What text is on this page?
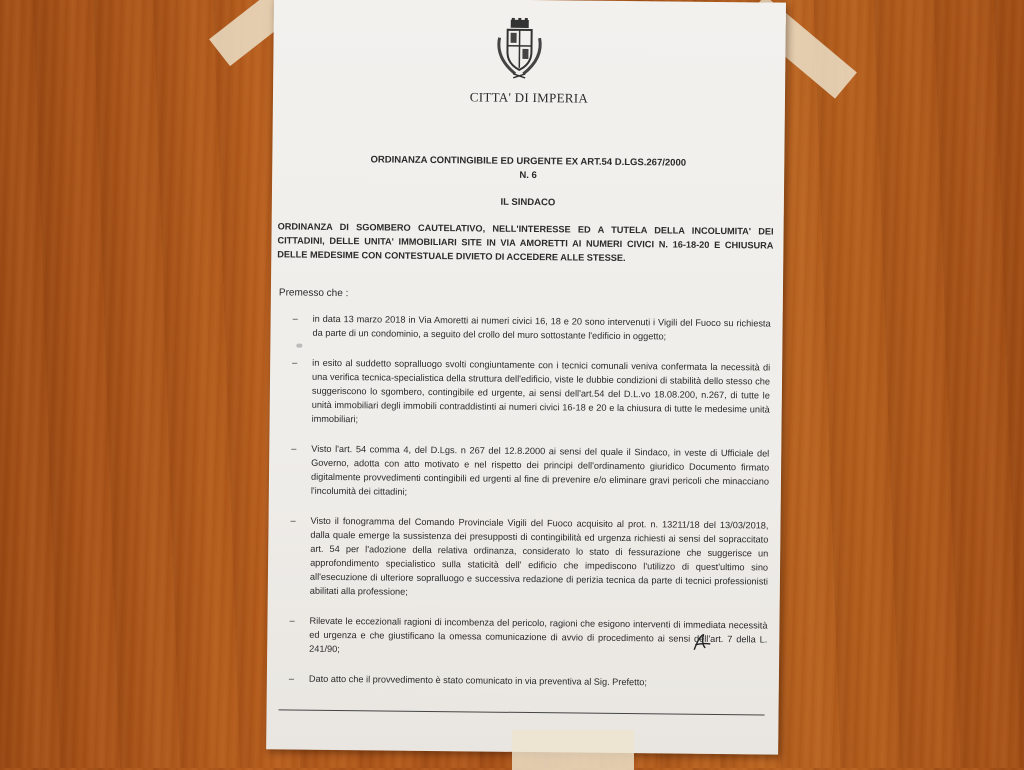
CITTA' DI IMPERIA
ORDINANZA CONTINGIBILE ED URGENTE EX ART.54 D.LGS.267/2000
N. 6
IL SINDACO
ORDINANZA DI SGOMBERO CAUTELATIVO, NELL'INTERESSE ED A TUTELA DELLA INCOLUMITA' DEI CITTADINI, DELLE UNITA' IMMOBILIARI SITE IN VIA AMORETTI AI NUMERI CIVICI N. 16-18-20 E CHIUSURA DELLE MEDESIME CON CONTESTUALE DIVIETO DI ACCEDERE ALLE STESSE.
Premesso che :
– in data 13 marzo 2018 in Via Amoretti ai numeri civici 16, 18 e 20 sono intervenuti i Vigili del Fuoco su richiesta da parte di un condominio, a seguito del crollo del muro sottostante l'edificio in oggetto;
– in esito al suddetto sopralluogo svolti congiuntamente con i tecnici comunali veniva confermata la necessità di una verifica tecnica-specialistica della struttura dell'edificio, viste le dubbie condizioni di stabilità dello stesso che suggeriscono lo sgombero, contingibile ed urgente, ai sensi dell'art.54 del D.L.vo 18.08.200, n.267, di tutte le unità immobiliari degli immobili contraddistinti ai numeri civici 16-18 e 20 e la chiusura di tutte le medesime unità immobiliari;
– Visto l'art. 54 comma 4, del D.Lgs. n 267 del 12.8.2000 ai sensi del quale il Sindaco, in veste di Ufficiale del Governo, adotta con atto motivato e nel rispetto dei principi dell'ordinamento giuridico Documento firmato digitalmente provvedimenti contingibili ed urgenti al fine di prevenire e/o eliminare gravi pericoli che minacciano l'incolumità dei cittadini;
– Visto il fonogramma del Comando Provinciale Vigili del Fuoco acquisito al prot. n. 13211/18 del 13/03/2018, dalla quale emerge la sussistenza dei presupposti di contingibilità ed urgenza richiesti ai sensi del sopraccitato art. 54 per l'adozione della relativa ordinanza, considerato lo stato di fessurazione che suggerisce un approfondimento specialistico sulla staticità dell' edificio che impediscono l'utilizzo di quest'ultimo sino all'esecuzione di ulteriore sopralluogo e successiva redazione di perizia tecnica da parte di tecnici professionisti abilitati alla professione;
– Rilevate le eccezionali ragioni di incombenza del pericolo, ragioni che esigono interventi di immediata necessità ed urgenza e che giustificano la omessa comunicazione di avvio di procedimento ai sensi dell'art. 7 della L. 241/90;
– Dato atto che il provvedimento è stato comunicato in via preventiva al Sig. Prefetto;
